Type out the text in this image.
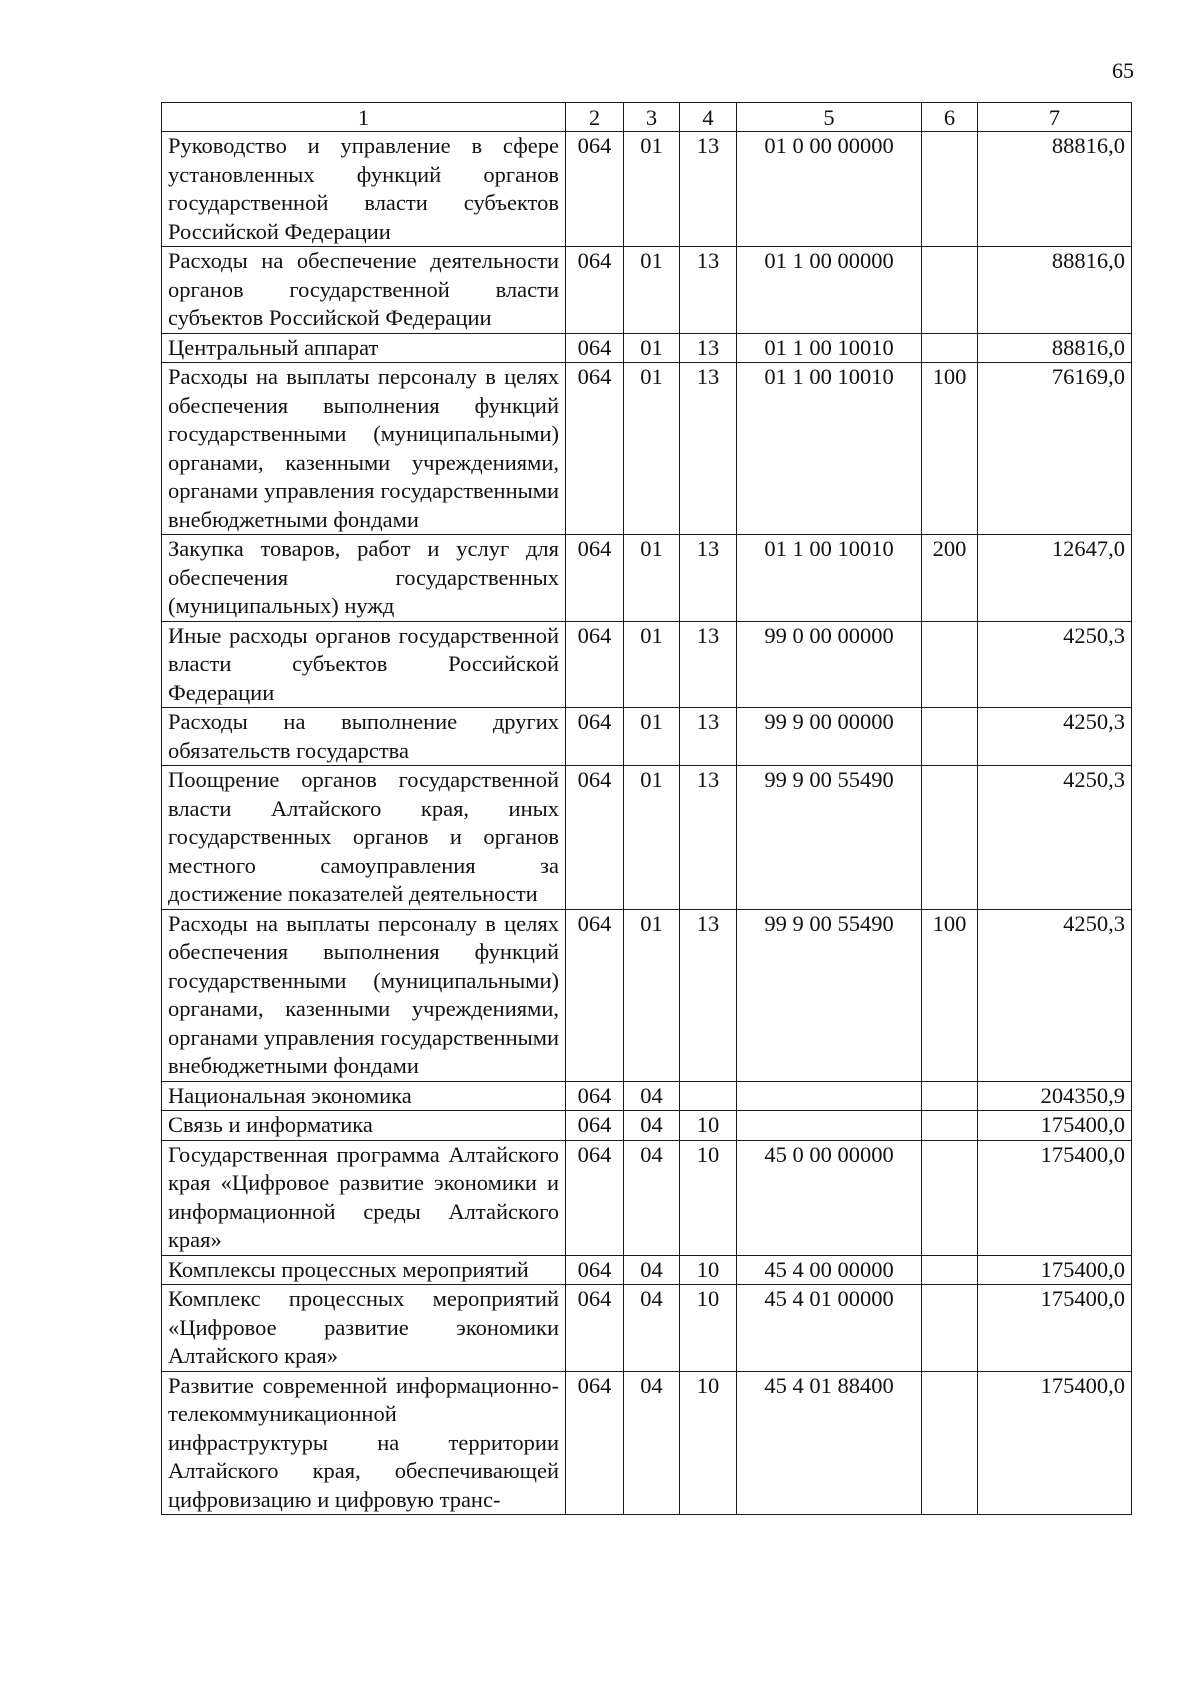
65
1	2	3	4	5	6	7
Руководство и управление в сфере установленных функций органов государственной власти субъектов Российской Федерации	064	01	13	01 0 00 00000		88816,0
Расходы на обеспечение деятельности органов государственной власти субъектов Российской Федерации	064	01	13	01 1 00 00000		88816,0
Центральный аппарат	064	01	13	01 1 00 10010		88816,0
Расходы на выплаты персоналу в целях обеспечения выполнения функций государственными (муниципальными) органами, казенными учреждениями, органами управления государственными внебюджетными фондами	064	01	13	01 1 00 10010	100	76169,0
Закупка товаров, работ и услуг для обеспечения государственных (муниципальных) нужд	064	01	13	01 1 00 10010	200	12647,0
Иные расходы органов государственной власти субъектов Российской Федерации	064	01	13	99 0 00 00000		4250,3
Расходы на выполнение других обязательств государства	064	01	13	99 9 00 00000		4250,3
Поощрение органов государственной власти Алтайского края, иных государственных органов и органов местного самоуправления за достижение показателей деятельности	064	01	13	99 9 00 55490		4250,3
Расходы на выплаты персоналу в целях обеспечения выполнения функций государственными (муниципальными) органами, казенными учреждениями, органами управления государственными внебюджетными фондами	064	01	13	99 9 00 55490	100	4250,3
Национальная экономика	064	04				204350,9
Связь и информатика	064	04	10			175400,0
Государственная программа Алтайского края «Цифровое развитие экономики и информационной среды Алтайского края»	064	04	10	45 0 00 00000		175400,0
Комплексы процессных мероприятий	064	04	10	45 4 00 00000		175400,0
Комплекс процессных мероприятий «Цифровое развитие экономики Алтайского края»	064	04	10	45 4 01 00000		175400,0
Развитие современной информационно-телекоммуникационной инфраструктуры на территории Алтайского края, обеспечивающей цифровизацию и цифровую транс-	064	04	10	45 4 01 88400		175400,0
